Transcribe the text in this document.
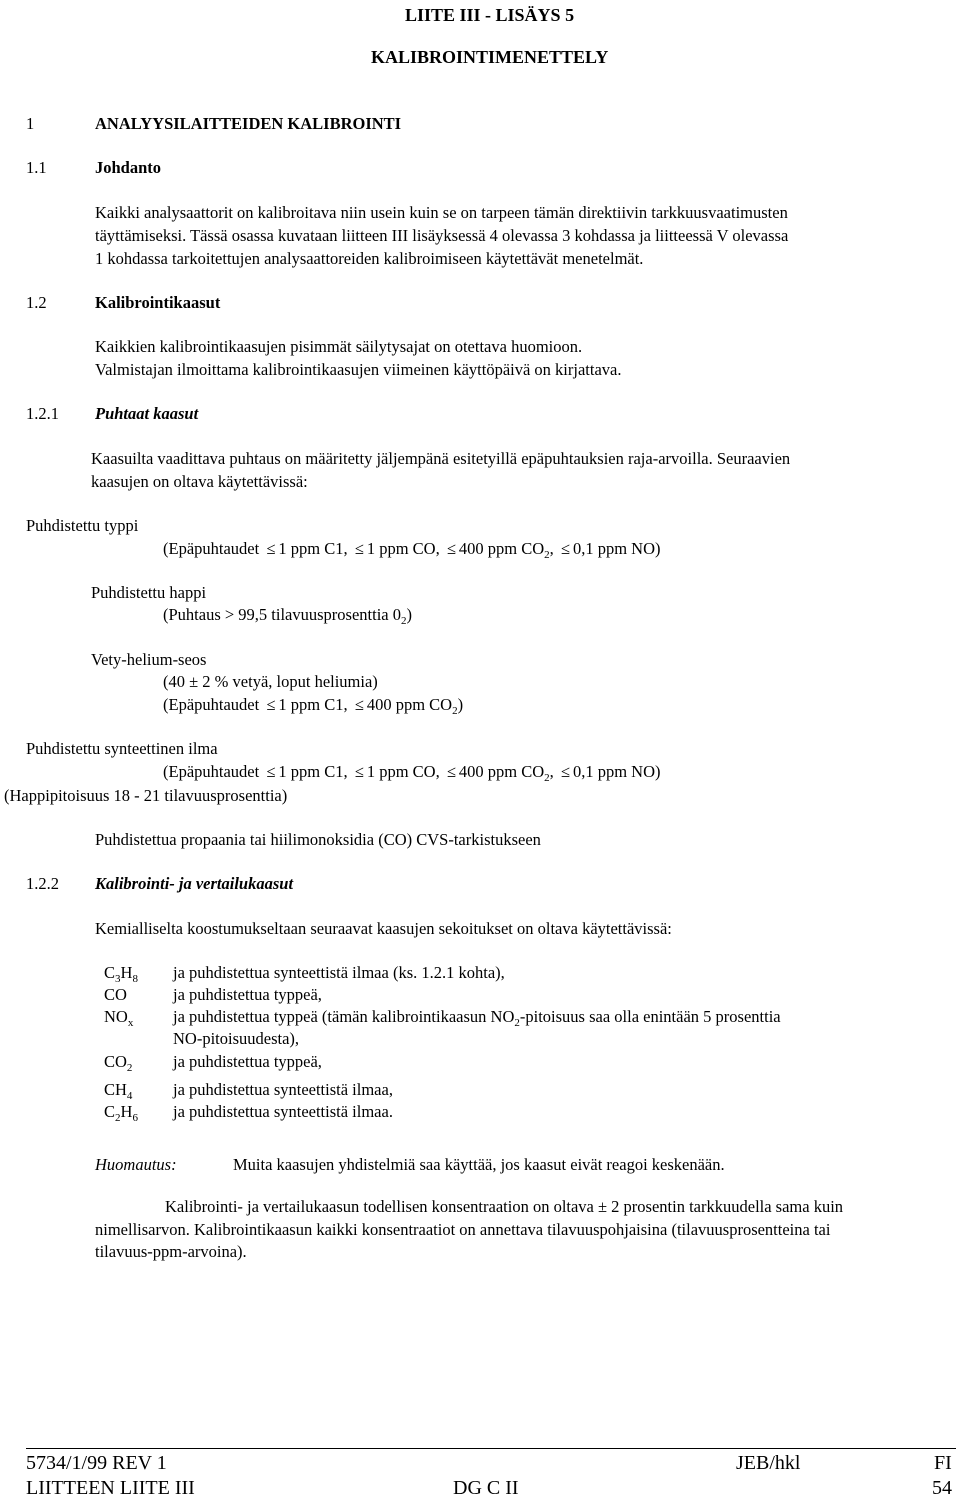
LIITE III - LISÄYS 5
KALIBROINTIMENETTELY
1	ANALYYSILAITTEIDEN KALIBROINTI
1.1	Johdanto
Kaikki analysaattorit on kalibroitava niin usein kuin se on tarpeen tämän direktiivin tarkkuusvaatimusten
täyttämiseksi. Tässä osassa kuvataan liitteen III lisäyksessä 4 olevassa 3 kohdassa ja liitteessä V olevassa
1 kohdassa tarkoitettujen analysaattoreiden kalibroimiseen käytettävät menetelmät.
1.2	Kalibrointikaasut
Kaikkien kalibrointikaasujen pisimmät säilytysajat on otettava huomioon.
Valmistajan ilmoittama kalibrointikaasujen viimeinen käyttöpäivä on kirjattava.
1.2.1 Puhtaat kaasut
Kaasuilta vaadittava puhtaus on määritetty jäljempänä esitetyillä epäpuhtauksien raja-arvoilla. Seuraavien
kaasujen on oltava käytettävissä:
Puhdistettu typpi
(Epäpuhtaudet ≤ 1 ppm C1, ≤ 1 ppm CO, ≤ 400 ppm $CO_2$, ≤ 0,1 ppm NO)
Puhdistettu happi
(Puhtaus > 99,5 tilavuusprosenttia $0_2$)
Vety-helium-seos
(40 ± 2 % vetyä, loput heliumia)
(Epäpuhtaudet ≤ 1 ppm C1, ≤ 400 ppm $CO_2$)
Puhdistettu synteettinen ilma
(Epäpuhtaudet ≤ 1 ppm C1, ≤ 1 ppm CO, ≤ 400 ppm $CO_2$, ≤ 0,1 ppm NO)
(Happipitoisuus 18 - 21 tilavuusprosenttia)
Puhdistettua propaania tai hiilimonoksidia (CO) CVS-tarkistukseen
1.2.2 Kalibrointi- ja vertailukaasut
Kemialliselta koostumukseltaan seuraavat kaasujen sekoitukset on oltava käytettävissä:
$C_3H_8$ ja puhdistettua synteettistä ilmaa (ks. 1.2.1 kohta),
CO	ja puhdistettua typpeä,
$NO_x$ ja puhdistettua typpeä (tämän kalibrointikaasun $NO_2$-pitoisuus saa olla enintään 5 prosenttia
NO-pitoisuudesta),
$CO_2$ ja puhdistettua typpeä,
$CH_4$ ja puhdistettua synteettistä ilmaa,
$C_2H_6$ ja puhdistettua synteettistä ilmaa.
Huomautus:	Muita kaasujen yhdistelmiä saa käyttää, jos kaasut eivät reagoi keskenään.
Kalibrointi- ja vertailukaasun todellisen konsentraation on oltava ± 2 prosentin tarkkuudella sama kuin
nimellisarvon. Kalibrointikaasun kaikki konsentraatiot on annettava tilavuuspohjaisina (tilavuusprosentteina tai
tilavuus-ppm-arvoina).
5734/1/99 REV 1	JEB/hkl	FI
LIITTEEN LIITE III	DG C II	54
